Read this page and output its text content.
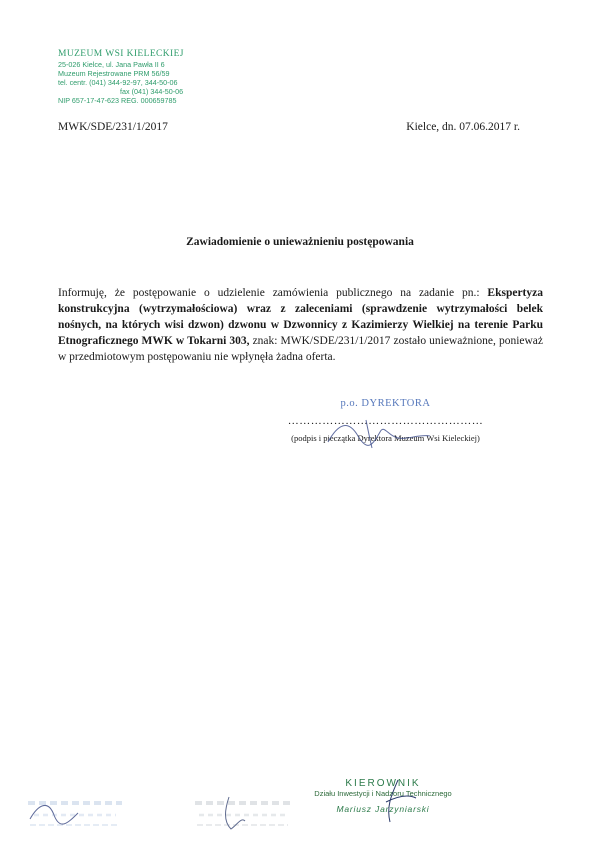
MUZEUM WSI KIELECKIEJ
25-026 Kielce, ul. Jana Pawła II 6
Muzeum Rejestrowane PRM 56/59
tel. centr. (041) 344-92-97, 344-50-06
fax (041) 344-50-06
NIP 657-17-47-623 REG. 000659785
MWK/SDE/231/1/2017	Kielce, dn. 07.06.2017 r.
Zawiadomienie o unieważnieniu postępowania
Informuję, że postępowanie o udzielenie zamówienia publicznego na zadanie pn.: Ekspertyza konstrukcyjna (wytrzymałościowa) wraz z zaleceniami (sprawdzenie wytrzymałości belek nośnych, na których wisi dzwon) dzwonu w Dzwonnicy z Kazimierzy Wielkiej na terenie Parku Etnograficznego MWK w Tokarni 303, znak: MWK/SDE/231/1/2017 zostało unieważnione, ponieważ w przedmiotowym postępowaniu nie wpłynęła żadna oferta.
p.o. DYREKTORA
……………………………………………
(podpis i pieczątka Dyrektora Muzeum Wsi Kieleckiej)
KIEROWNIK
Działu Inwestycji i Nadzoru Technicznego
Mariusz Jarzyniarski
